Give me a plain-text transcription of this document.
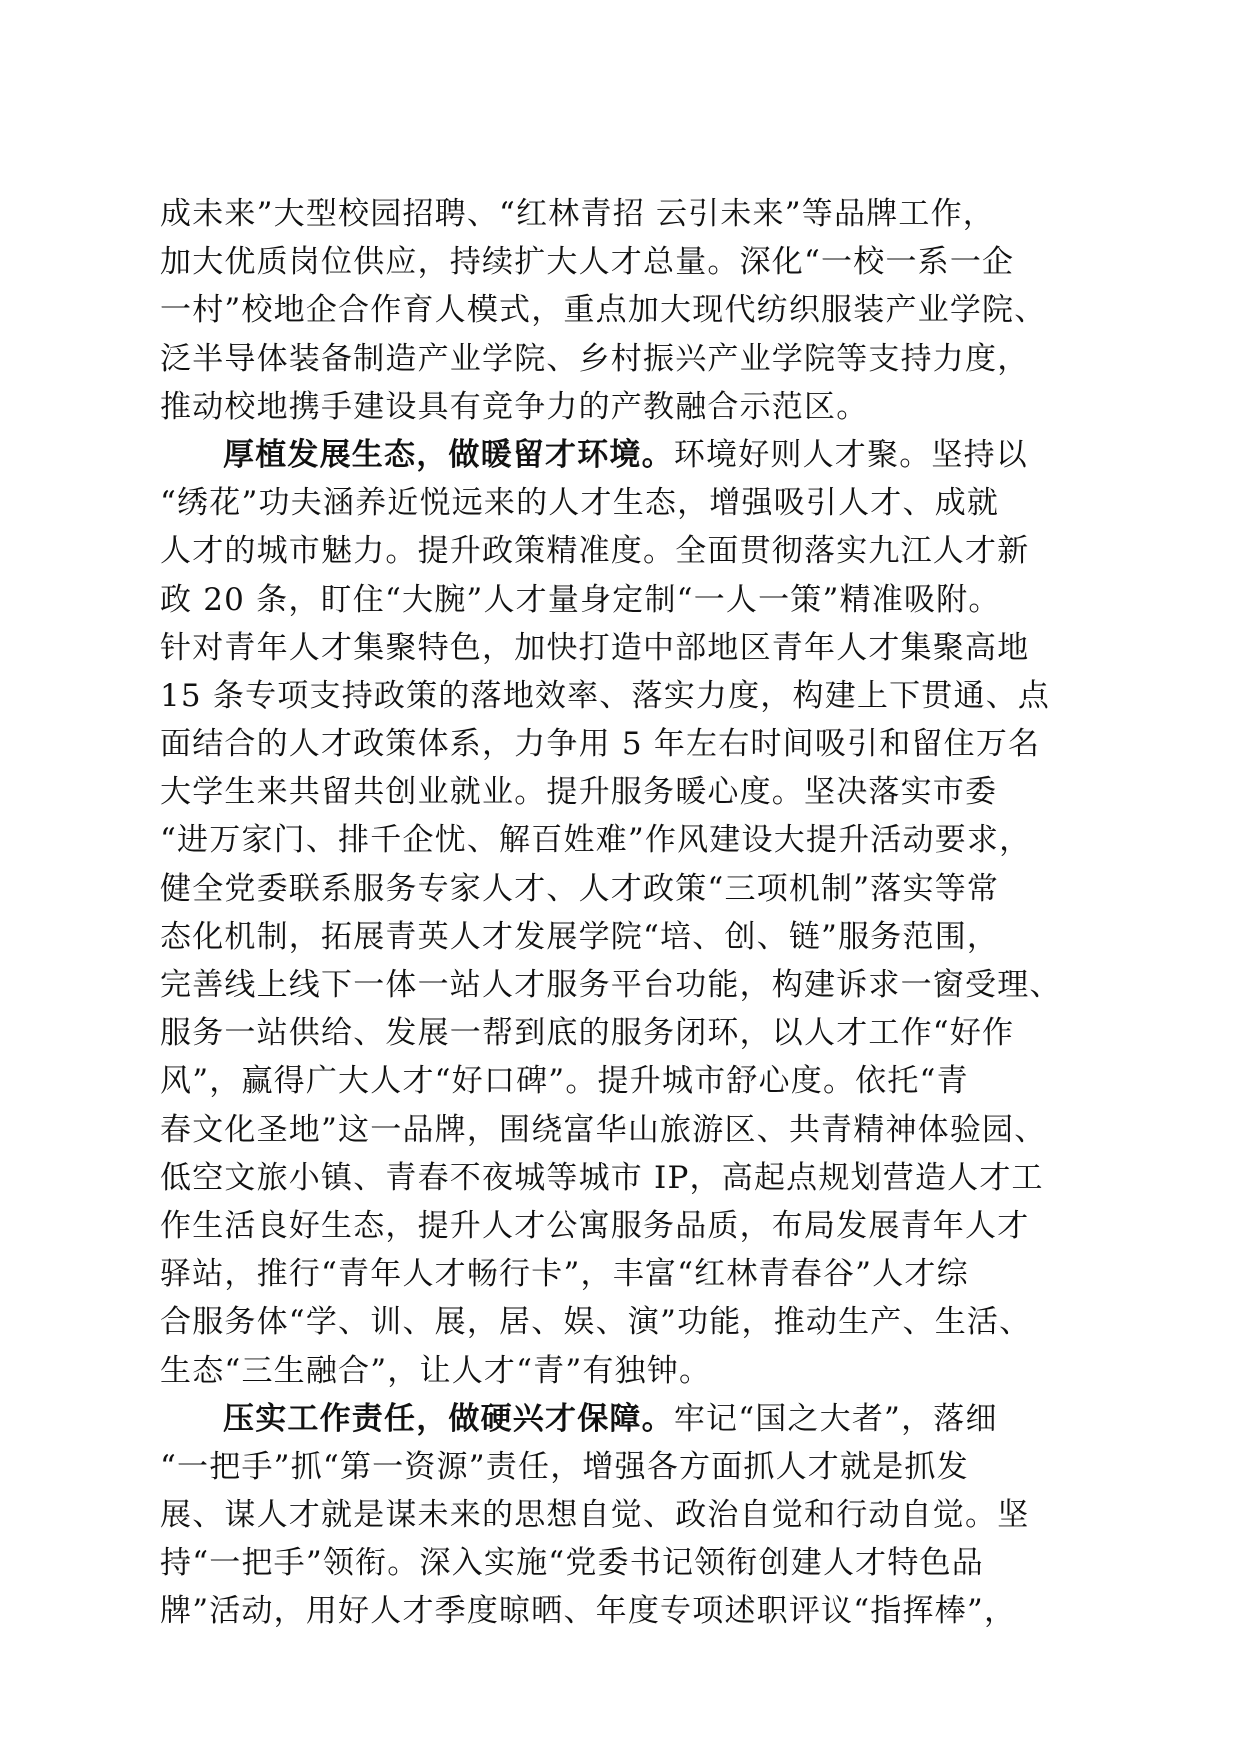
成未来”大型校园招聘、“红林青招 云引未来”等品牌工作，
加大优质岗位供应，持续扩大人才总量。深化“一校一系一企
一村”校地企合作育人模式，重点加大现代纺织服装产业学院、
泛半导体装备制造产业学院、乡村振兴产业学院等支持力度，
推动校地携手建设具有竞争力的产教融合示范区。
厚植发展生态，做暖留才环境。环境好则人才聚。坚持以
“绣花”功夫涵养近悦远来的人才生态，增强吸引人才、成就
人才的城市魅力。提升政策精准度。全面贯彻落实九江人才新
政 20 条，盯住“大腕”人才量身定制“一人一策”精准吸附。
针对青年人才集聚特色，加快打造中部地区青年人才集聚高地
15 条专项支持政策的落地效率、落实力度，构建上下贯通、点
面结合的人才政策体系，力争用 5 年左右时间吸引和留住万名
大学生来共留共创业就业。提升服务暖心度。坚决落实市委
“进万家门、排千企忧、解百姓难”作风建设大提升活动要求，
健全党委联系服务专家人才、人才政策“三项机制”落实等常
态化机制，拓展青英人才发展学院“培、创、链”服务范围，
完善线上线下一体一站人才服务平台功能，构建诉求一窗受理、
服务一站供给、发展一帮到底的服务闭环，以人才工作“好作
风”，赢得广大人才“好口碑”。提升城市舒心度。依托“青
春文化圣地”这一品牌，围绕富华山旅游区、共青精神体验园、
低空文旅小镇、青春不夜城等城市 IP，高起点规划营造人才工
作生活良好生态，提升人才公寓服务品质，布局发展青年人才
驿站，推行“青年人才畅行卡”，丰富“红林青春谷”人才综
合服务体“学、训、展，居、娱、演”功能，推动生产、生活、
生态“三生融合”，让人才“青”有独钟。
压实工作责任，做硬兴才保障。牢记“国之大者”，落细
“一把手”抓“第一资源”责任，增强各方面抓人才就是抓发
展、谋人才就是谋未来的思想自觉、政治自觉和行动自觉。坚
持“一把手”领衔。深入实施“党委书记领衔创建人才特色品
牌”活动，用好人才季度晾晒、年度专项述职评议“指挥棒”，
